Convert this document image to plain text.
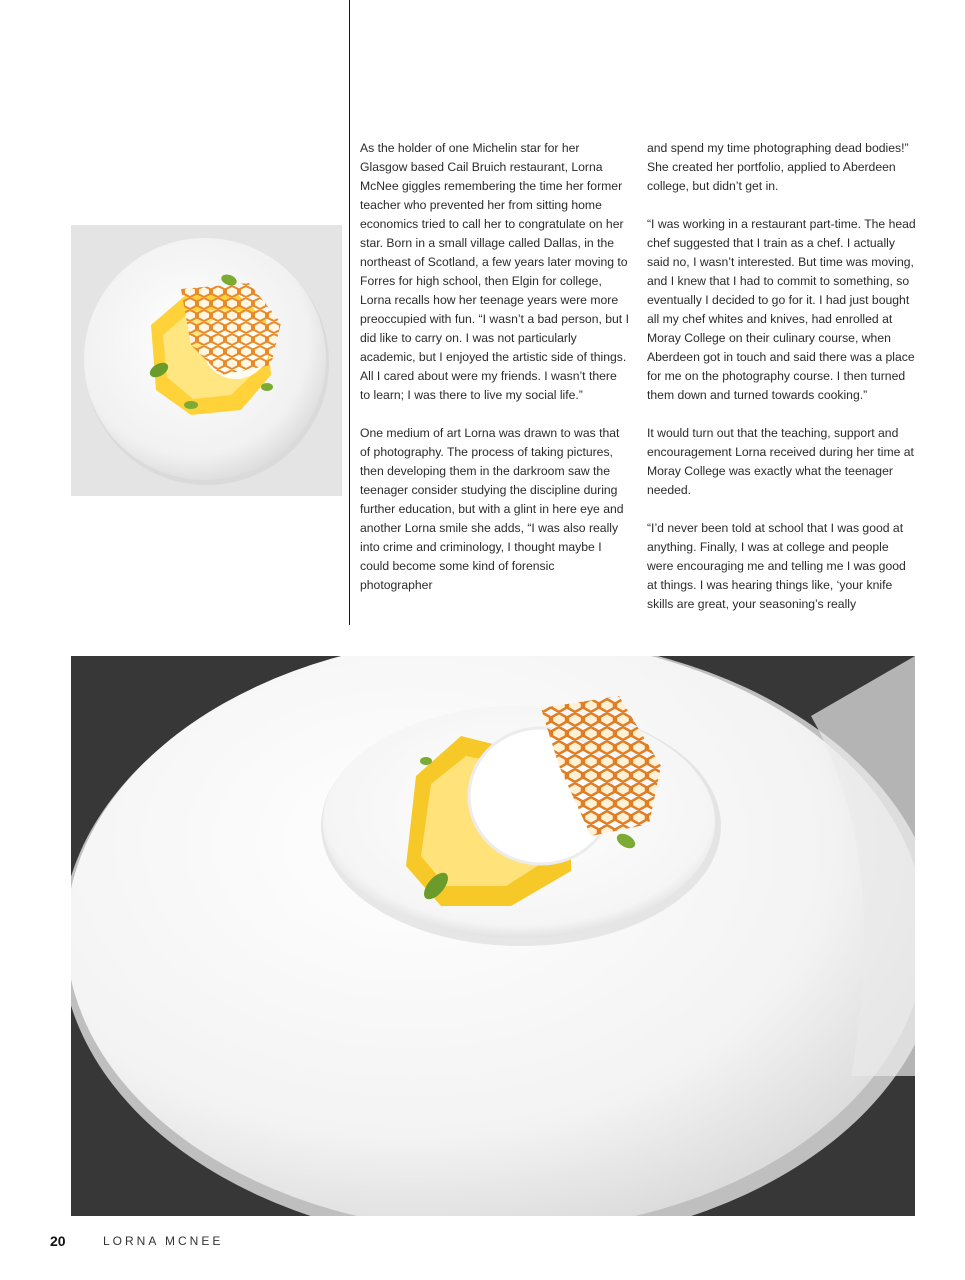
As the holder of one Michelin star for her Glasgow based Cail Bruich restaurant, Lorna McNee giggles remembering the time her former teacher who prevented her from sitting home economics tried to call her to congratulate on her star. Born in a small village called Dallas, in the northeast of Scotland, a few years later moving to Forres for high school, then Elgin for college, Lorna recalls how her teenage years were more preoccupied with fun. “I wasn’t a bad person, but I did like to carry on. I was not particularly academic, but I enjoyed the artistic side of things. All I cared about were my friends. I wasn’t there to learn; I was there to live my social life.”

One medium of art Lorna was drawn to was that of photography. The process of taking pictures, then developing them in the darkroom saw the teenager consider studying the discipline during further education, but with a glint in here eye and another Lorna smile she adds, “I was also really into crime and criminology, I thought maybe I could become some kind of forensic photographer

and spend my time photographing dead bodies!” She created her portfolio, applied to Aberdeen college, but didn’t get in.

“I was working in a restaurant part-time. The head chef suggested that I train as a chef. I actually said no, I wasn’t interested. But time was moving, and I knew that I had to commit to something, so eventually I decided to go for it. I had just bought all my chef whites and knives, had enrolled at Moray College on their culinary course, when Aberdeen got in touch and said there was a place for me on the photography course. I then turned them down and turned towards cooking.”

It would turn out that the teaching, support and encouragement Lorna received during her time at Moray College was exactly what the teenager needed.

“I’d never been told at school that I was good at anything. Finally, I was at college and people were encouraging me and telling me I was good at things. I was hearing things like, ‘your knife skills are great, your seasoning’s really

20	LORNA MCNEE
